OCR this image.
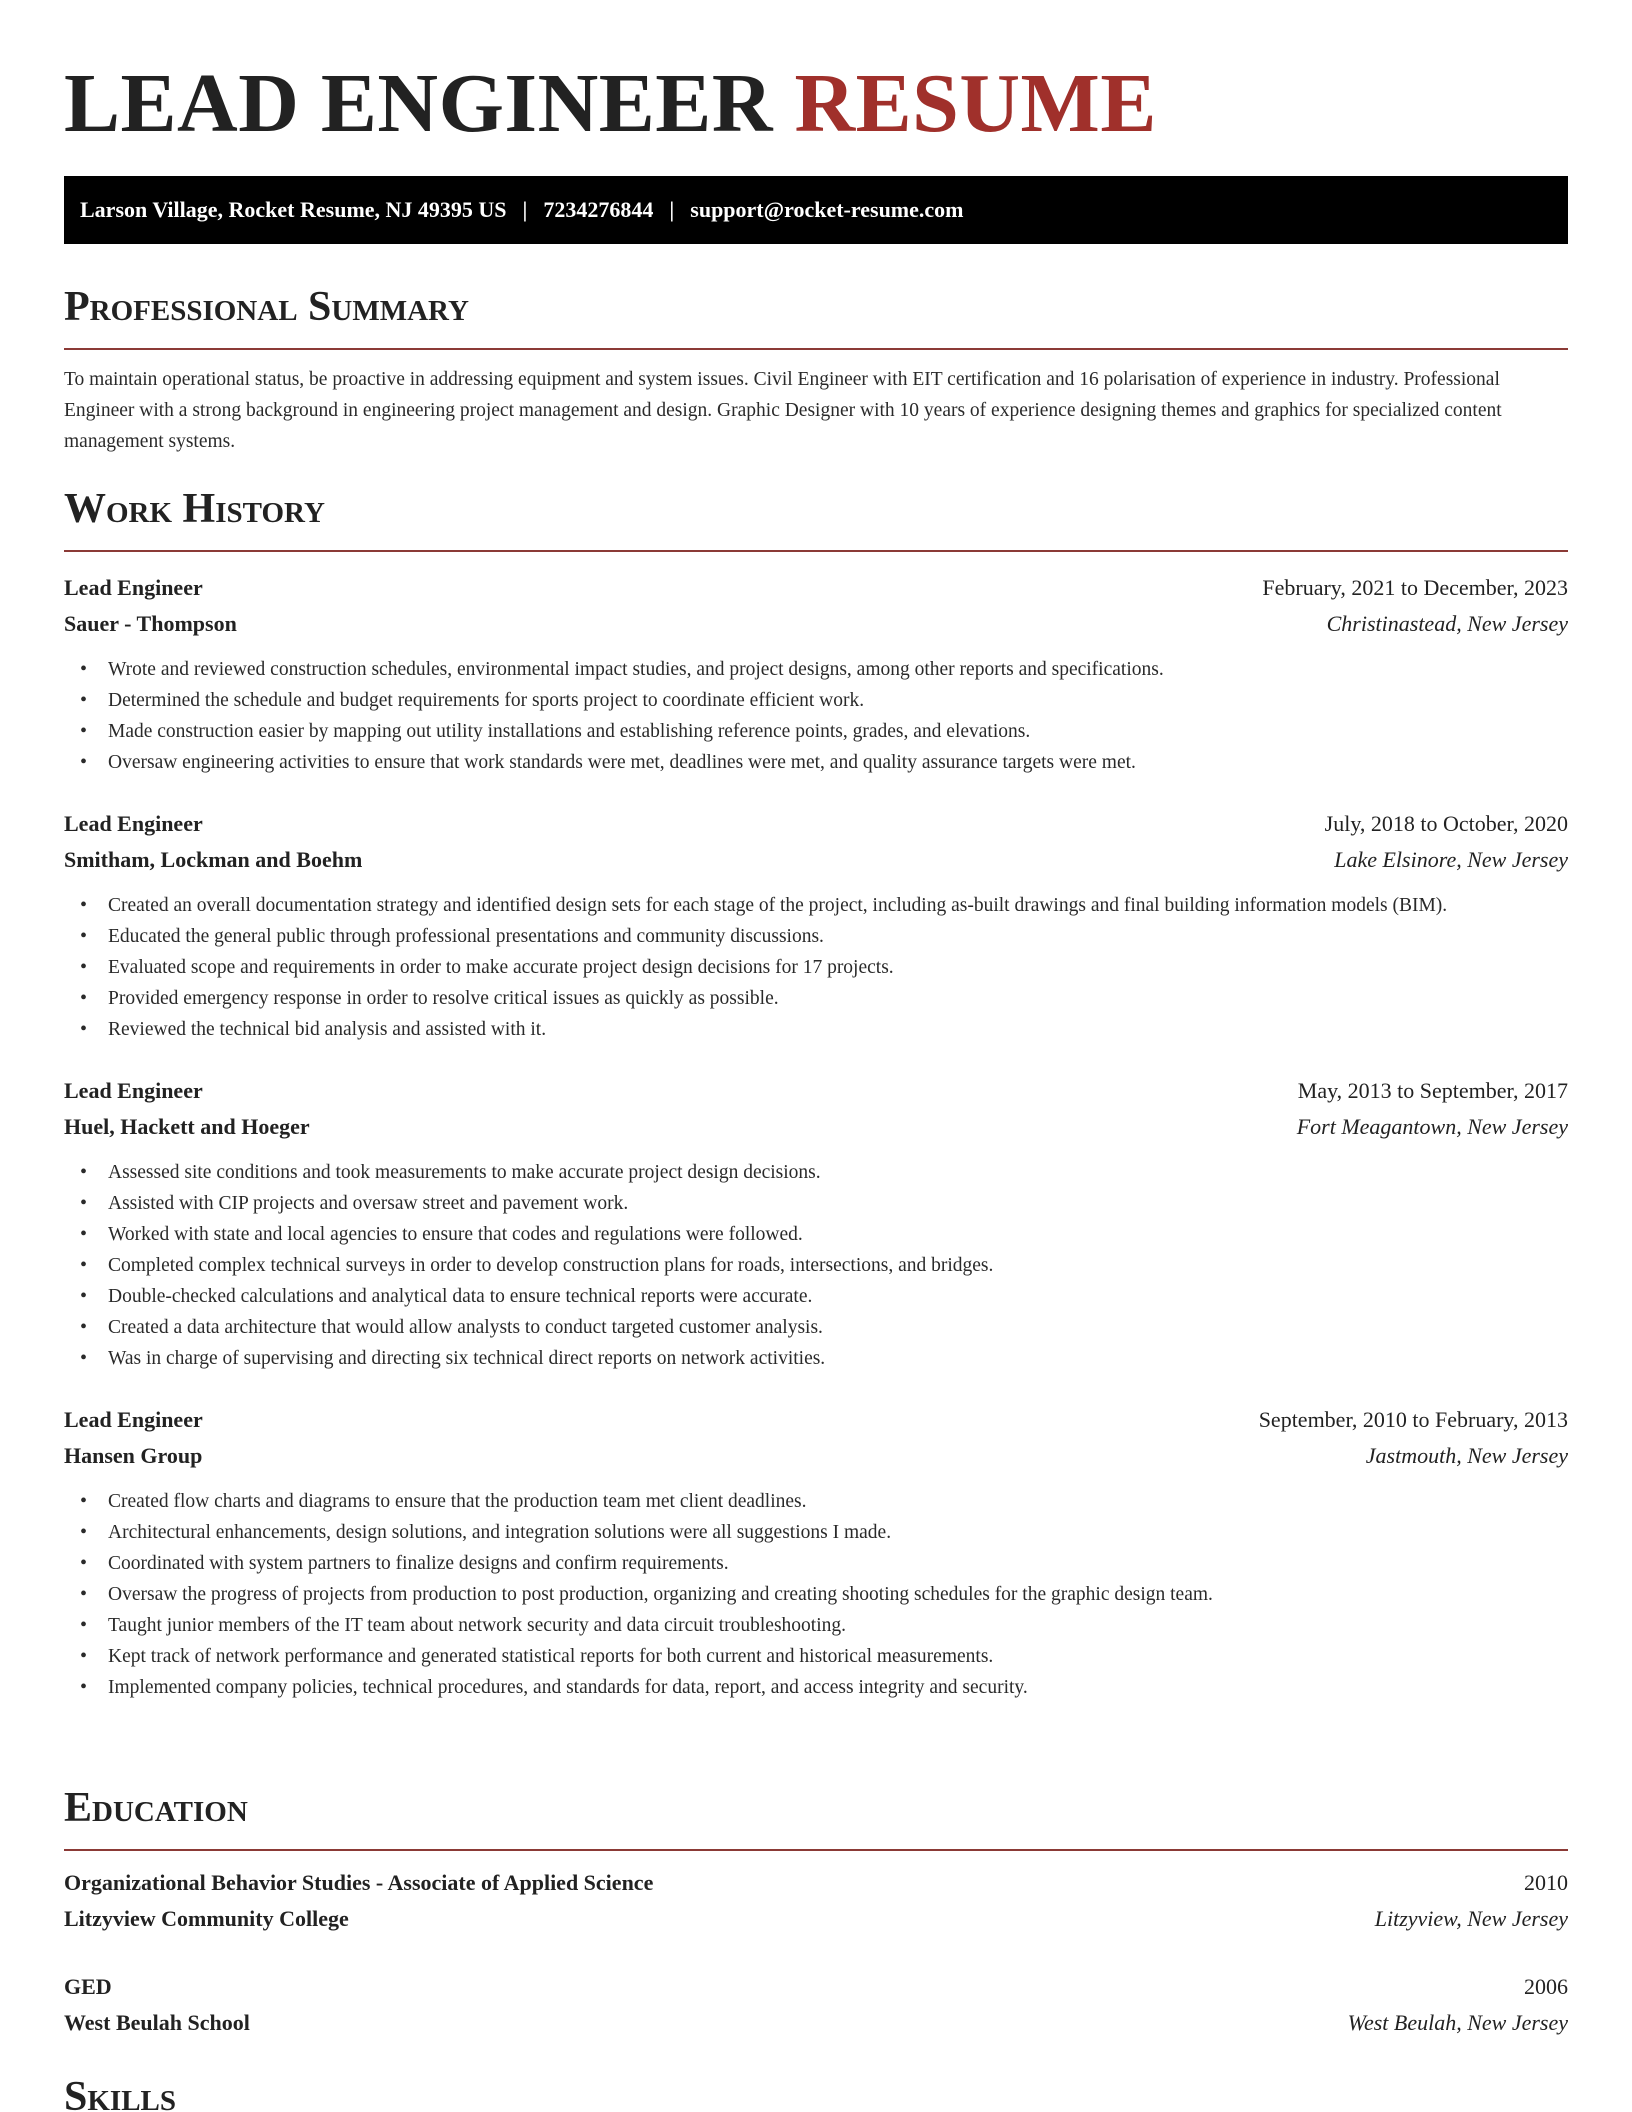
LEAD ENGINEER RESUME
Larson Village, Rocket Resume, NJ 49395 US | 7234276844 | support@rocket-resume.com
Professional Summary

To maintain operational status, be proactive in addressing equipment and system issues. Civil Engineer with EIT certification and 16 polarisation of experience in industry. Professional Engineer with a strong background in engineering project management and design. Graphic Designer with 10 years of experience designing themes and graphics for specialized content management systems.

Work History
Lead Engineer	February, 2021 to December, 2023
Sauer - Thompson	Christinastead, New Jersey
• Wrote and reviewed construction schedules, environmental impact studies, and project designs, among other reports and specifications.
• Determined the schedule and budget requirements for sports project to coordinate efficient work.
• Made construction easier by mapping out utility installations and establishing reference points, grades, and elevations.
• Oversaw engineering activities to ensure that work standards were met, deadlines were met, and quality assurance targets were met.
Lead Engineer	July, 2018 to October, 2020
Smitham, Lockman and Boehm	Lake Elsinore, New Jersey
• Created an overall documentation strategy and identified design sets for each stage of the project, including as-built drawings and final building information models (BIM).
• Educated the general public through professional presentations and community discussions.
• Evaluated scope and requirements in order to make accurate project design decisions for 17 projects.
• Provided emergency response in order to resolve critical issues as quickly as possible.
• Reviewed the technical bid analysis and assisted with it.
Lead Engineer	May, 2013 to September, 2017
Huel, Hackett and Hoeger	Fort Meagantown, New Jersey
• Assessed site conditions and took measurements to make accurate project design decisions.
• Assisted with CIP projects and oversaw street and pavement work.
• Worked with state and local agencies to ensure that codes and regulations were followed.
• Completed complex technical surveys in order to develop construction plans for roads, intersections, and bridges.
• Double-checked calculations and analytical data to ensure technical reports were accurate.
• Created a data architecture that would allow analysts to conduct targeted customer analysis.
• Was in charge of supervising and directing six technical direct reports on network activities.
Lead Engineer	September, 2010 to February, 2013
Hansen Group	Jastmouth, New Jersey
• Created flow charts and diagrams to ensure that the production team met client deadlines.
• Architectural enhancements, design solutions, and integration solutions were all suggestions I made.
• Coordinated with system partners to finalize designs and confirm requirements.
• Oversaw the progress of projects from production to post production, organizing and creating shooting schedules for the graphic design team.
• Taught junior members of the IT team about network security and data circuit troubleshooting.
• Kept track of network performance and generated statistical reports for both current and historical measurements.
• Implemented company policies, technical procedures, and standards for data, report, and access integrity and security.
Education
Organizational Behavior Studies - Associate of Applied Science	2010
Litzyview Community College	Litzyview, New Jersey
GED	2006
West Beulah School	West Beulah, New Jersey
Skills
